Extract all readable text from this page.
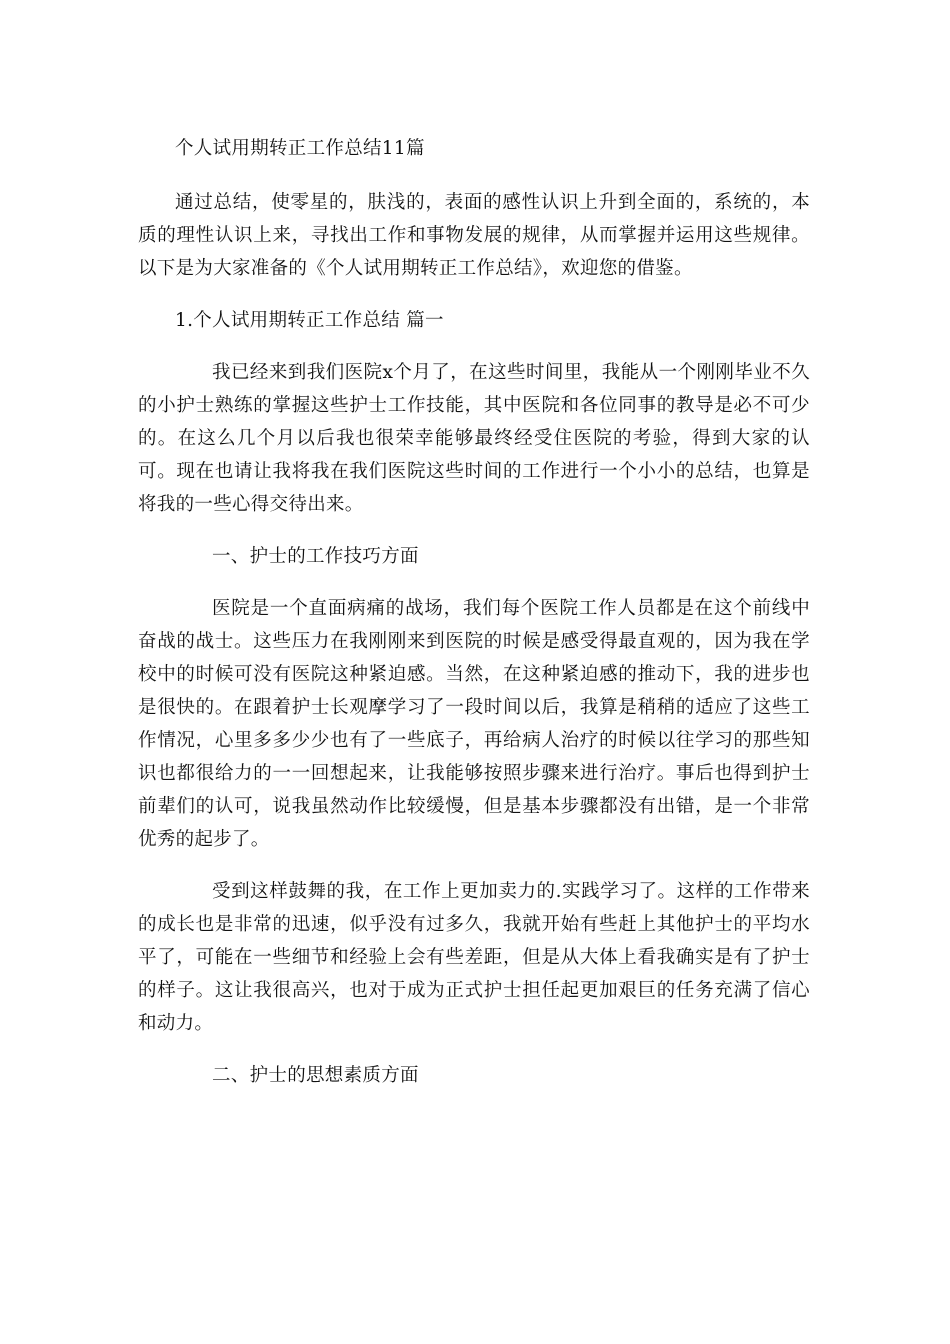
个人试用期转正工作总结11篇

通过总结，使零星的，肤浅的，表面的感性认识上升到全面的，系统的，本质的理性认识上来，寻找出工作和事物发展的规律，从而掌握并运用这些规律。以下是为大家准备的《个人试用期转正工作总结》，欢迎您的借鉴。

1.个人试用期转正工作总结 篇一

我已经来到我们医院x个月了，在这些时间里，我能从一个刚刚毕业不久的小护士熟练的掌握这些护士工作技能，其中医院和各位同事的教导是必不可少的。在这么几个月以后我也很荣幸能够最终经受住医院的考验，得到大家的认可。现在也请让我将我在我们医院这些时间的工作进行一个小小的总结，也算是将我的一些心得交待出来。

一、护士的工作技巧方面

医院是一个直面病痛的战场，我们每个医院工作人员都是在这个前线中奋战的战士。这些压力在我刚刚来到医院的时候是感受得最直观的，因为我在学校中的时候可没有医院这种紧迫感。当然，在这种紧迫感的推动下，我的进步也是很快的。在跟着护士长观摩学习了一段时间以后，我算是稍稍的适应了这些工作情况，心里多多少少也有了一些底子，再给病人治疗的时候以往学习的那些知识也都很给力的一一回想起来，让我能够按照步骤来进行治疗。事后也得到护士前辈们的认可，说我虽然动作比较缓慢，但是基本步骤都没有出错，是一个非常优秀的起步了。

受到这样鼓舞的我，在工作上更加卖力的.实践学习了。这样的工作带来的成长也是非常的迅速，似乎没有过多久，我就开始有些赶上其他护士的平均水平了，可能在一些细节和经验上会有些差距，但是从大体上看我确实是有了护士的样子。这让我很高兴，也对于成为正式护士担任起更加艰巨的任务充满了信心和动力。

二、护士的思想素质方面
